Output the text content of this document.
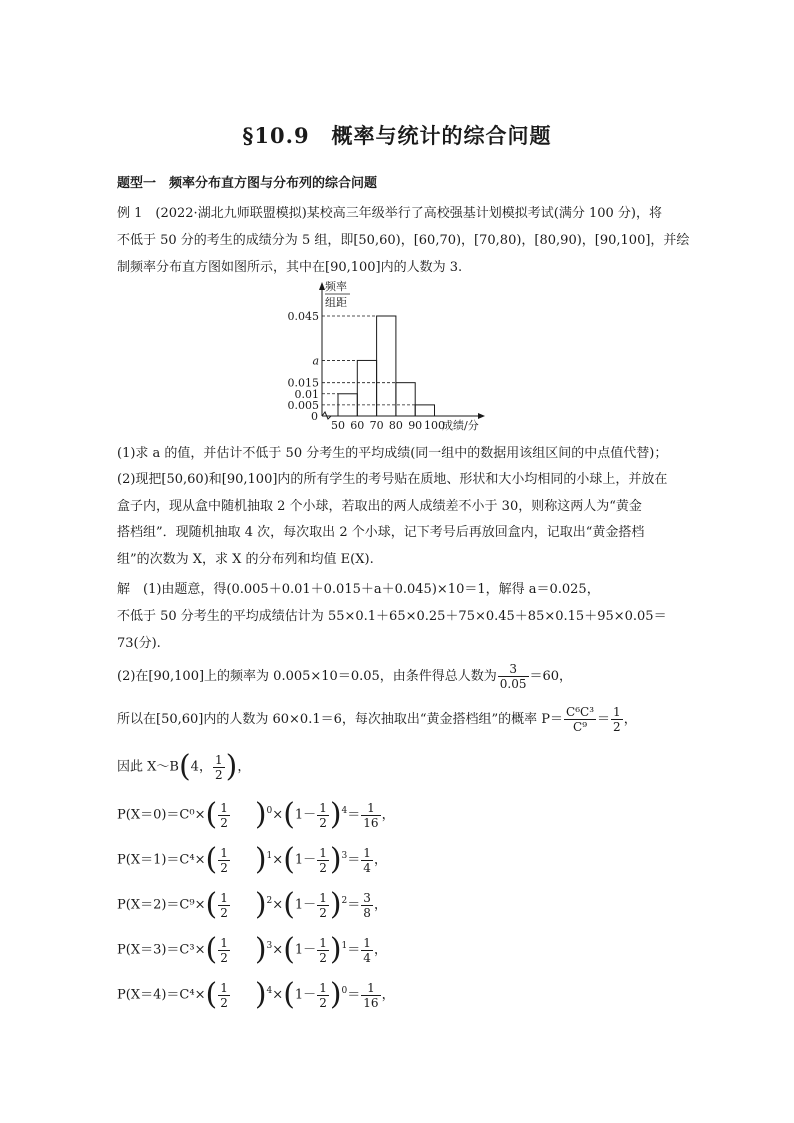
§10.9　概率与统计的综合问题
题型一　频率分布直方图与分布列的综合问题
例 1　(2022·湖北九师联盟模拟)某校高三年级举行了高校强基计划模拟考试(满分 100 分)，将
不低于 50 分的考生的成绩分为 5 组，即[50,60)，[60,70)，[70,80)，[80,90)，[90,100]，并绘
制频率分布直方图如图所示，其中在[90,100]内的人数为 3.
0.045
a
0.015
0.01
0.005
0
50 60 70 80 90 100
频率
组距
成绩/分
(1)求 a 的值，并估计不低于 50 分考生的平均成绩(同一组中的数据用该组区间的中点值代替)；
(2)现把[50,60)和[90,100]内的所有学生的考号贴在质地、形状和大小均相同的小球上，并放在
盒子内，现从盒中随机抽取 2 个小球，若取出的两人成绩差不小于 30，则称这两人为“黄金
搭档组”．现随机抽取 4 次，每次取出 2 个小球，记下考号后再放回盒内，记取出“黄金搭档
组”的次数为 X，求 X 的分布列和均值 E(X).
解　(1)由题意，得(0.005＋0.01＋0.015＋a＋0.045)×10＝1，解得 a＝0.025，
不低于 50 分考生的平均成绩估计为 55×0.1＋65×0.25＋75×0.45＋85×0.15＋95×0.05＝
73(分).
(2)在[90,100]上的频率为 0.005×10＝0.05，由条件得总人数为 $\frac{3}{0.05} =60$，
所以在[50,60]内的人数为 60×0.1＝6，每次抽取出“黄金搭档组”的概率 $P= \frac{\text{C⁶C³}}{\text{C⁹}} = \frac{1}{2}$ ，
因此 X～B(4， $\frac{1}{2}$ )，
$P(X=0)=C^0\times( \frac{1}{2} )^0\times(1- \frac{1}{2} )^4= \frac{1}{16}$ ，
$P(X=1)=C^4\times( \frac{1}{2} )^1\times(1- \frac{1}{2} )^3= \frac{1}{4}$ ，
$P(X=2)=C^9\times( \frac{1}{2} )^2\times(1- \frac{1}{2} )^2= \frac{3}{8}$ ，
$P(X=3)=C^3\times( \frac{1}{2} )^3\times(1- \frac{1}{2} )^1= \frac{1}{4}$ ，
$P(X=4)=C^4\times( \frac{1}{2} )^4\times(1- \frac{1}{2} )^0= \frac{1}{16}$ ，
